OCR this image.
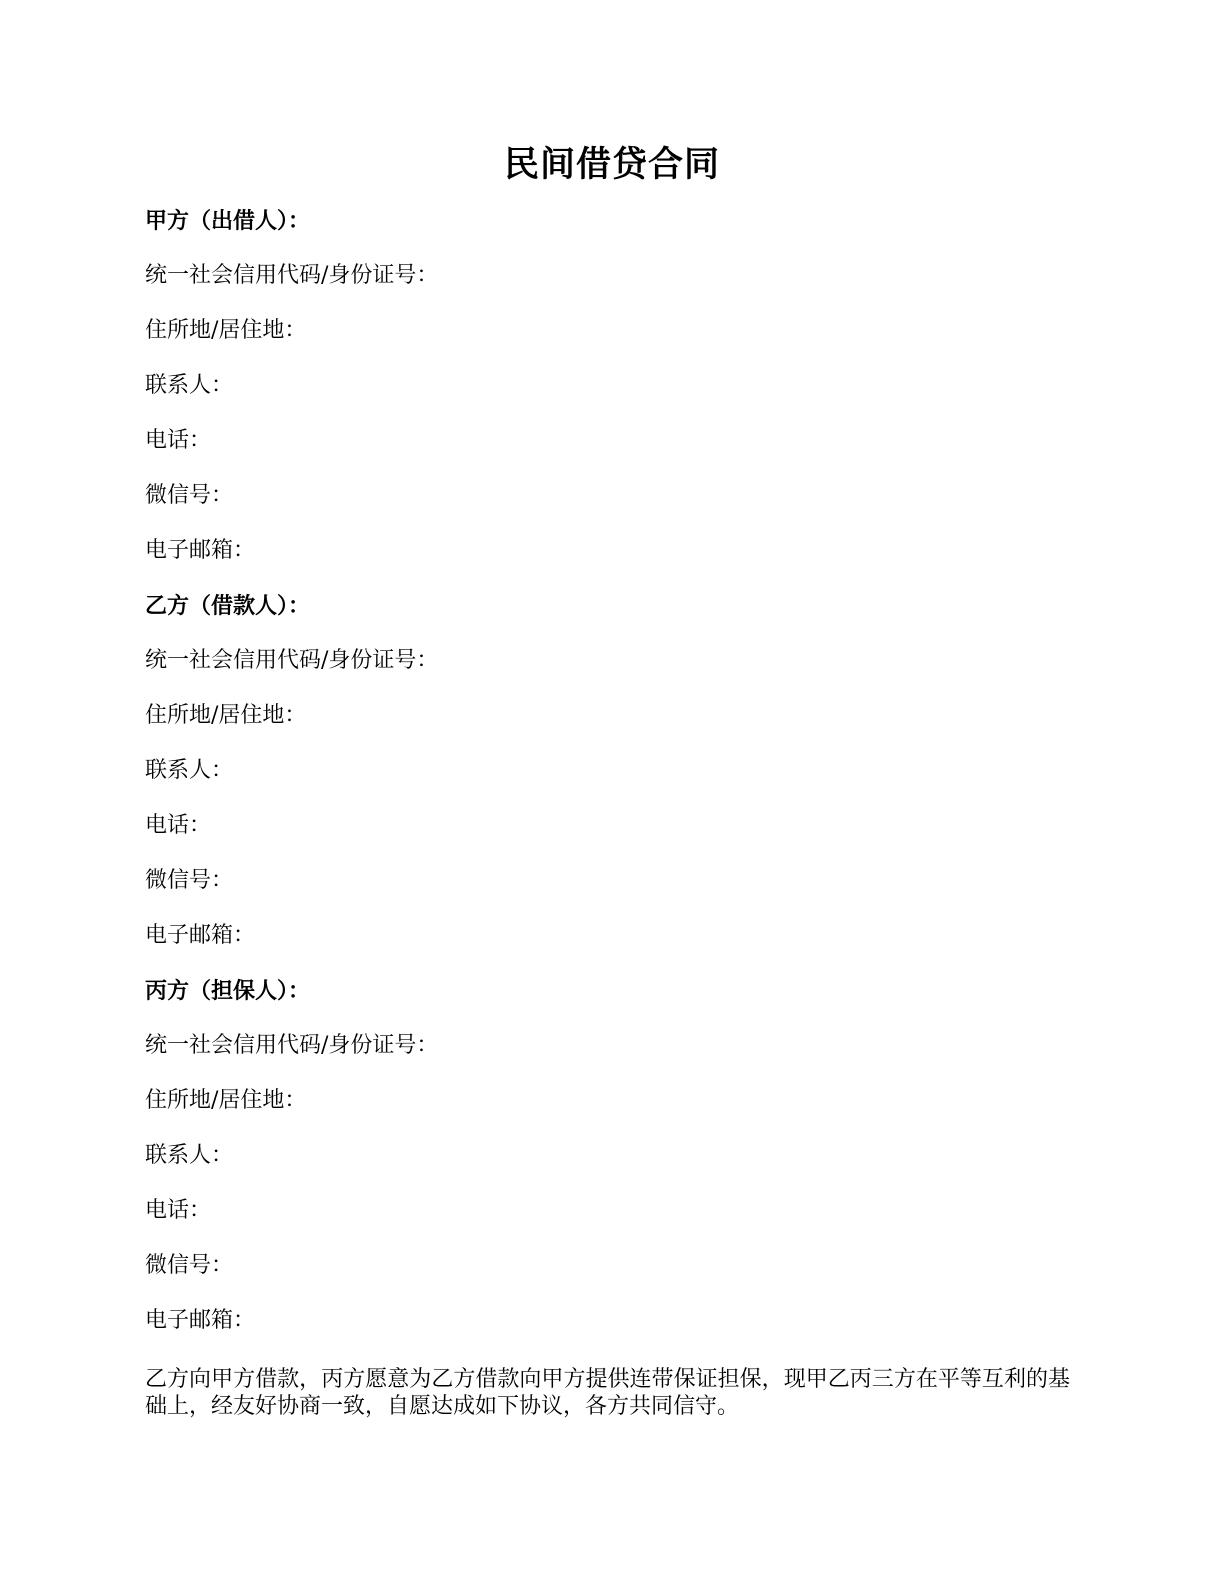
民间借贷合同
甲方（出借人）：
统一社会信用代码/身份证号：
住所地/居住地：
联系人：
电话：
微信号：
电子邮箱：
乙方（借款人）：
统一社会信用代码/身份证号：
住所地/居住地：
联系人：
电话：
微信号：
电子邮箱：
丙方（担保人）：
统一社会信用代码/身份证号：
住所地/居住地：
联系人：
电话：
微信号：
电子邮箱：
乙方向甲方借款，丙方愿意为乙方借款向甲方提供连带保证担保，现甲乙丙三方在平等互利的基础上，经友好协商一致，自愿达成如下协议，各方共同信守。
